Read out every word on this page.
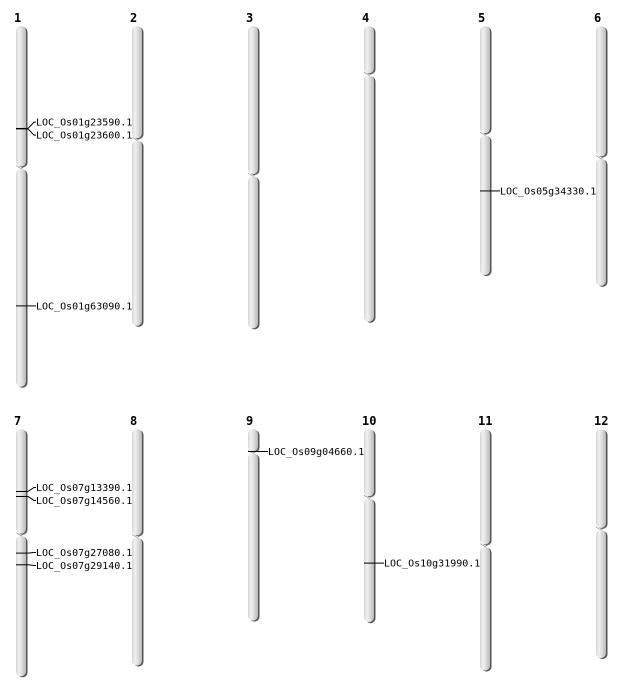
1
LOC_Os01g23590.1
LOC_Os01g23600.1
LOC_Os01g63090.1
2	3	4	5
LOC_Os05g34330.1
6
7
LOC_Os07g13390.1
LOC_Os07g14560.1
LOC_Os07g27080.1
LOC_Os07g29140.1
8	9
LOC_Os09g04660.1
10
LOC_Os10g31990.1
11	12
